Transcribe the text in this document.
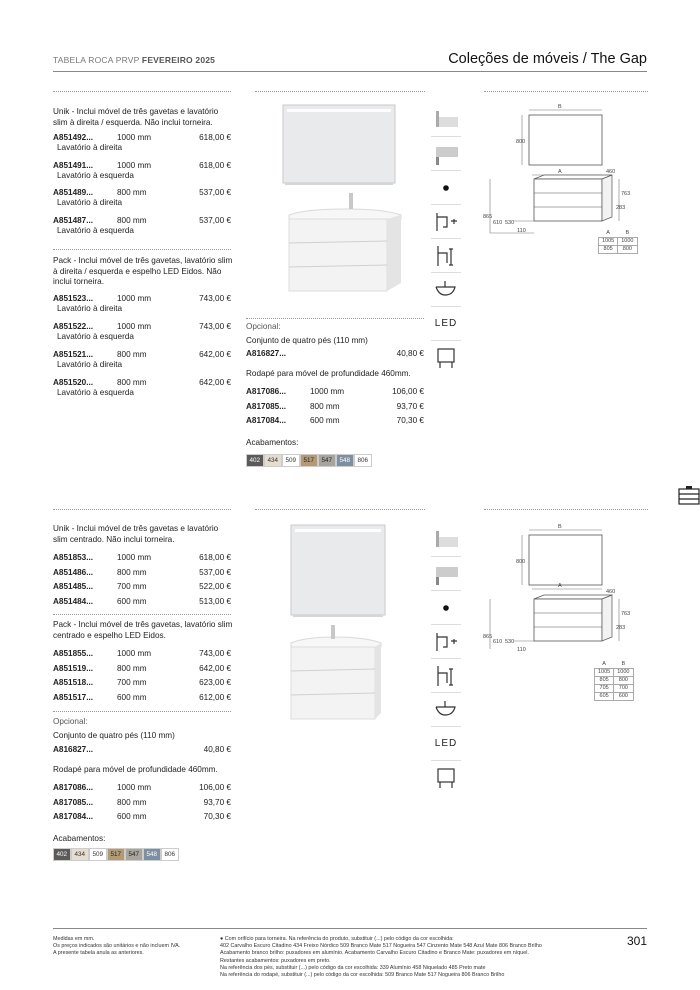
TABELA ROCA PRVP FEVEREIRO 2025	Coleções de móveis / The Gap
Unik - Inclui móvel de três gavetas e lavatório slim à direita / esquerda. Não inclui torneira.
A851492...	1000 mm	618,00 €
Lavatório à direita
A851491...	1000 mm	618,00 €
Lavatório à esquerda
A851489...	800 mm	537,00 €
Lavatório à direita
A851487...	800 mm	537,00 €
Lavatório à esquerda
Pack - Inclui móvel de três gavetas, lavatório slim à direita / esquerda e espelho LED Eidos. Não inclui torneira.
A851523...	1000 mm	743,00 €
Lavatório à direita
A851522...	1000 mm	743,00 €
Lavatório à esquerda
A851521...	800 mm	642,00 €
Lavatório à direita
A851520...	800 mm	642,00 €
Lavatório à esquerda
LED
Opcional:
Conjunto de quatro pés (110 mm)
A816827...	40,80 €
Rodapé para móvel de profundidade 460mm.
A817086...	1000 mm	106,00 €
A817085...	800 mm	93,70 €
A817084...	600 mm	70,30 €
Acabamentos:
402	434	509	517	547	548	806
B
800
A	460
763
283
865
610 530
110	A	B
1005	1000
805	800
Unik - Inclui móvel de três gavetas e lavatório slim centrado. Não inclui torneira.
A851853...	1000 mm	618,00 €
A851486...	800 mm	537,00 €
A851485...	700 mm	522,00 €
A851484...	600 mm	513,00 €
Pack - Inclui móvel de três gavetas, lavatório slim centrado e espelho LED Eidos.
A851855...	1000 mm	743,00 €
A851519...	800 mm	642,00 €
A851518...	700 mm	623,00 €
A851517...	600 mm	612,00 €
Opcional:
Conjunto de quatro pés (110 mm)
A816827...	40,80 €
Rodapé para móvel de profundidade 460mm.
A817086...	1000 mm	106,00 €
A817085...	800 mm	93,70 €
A817084...	600 mm	70,30 €
Acabamentos:
402	434	509	517	547	548	806
LED
B
800
A
460
763
283
865
610 530
110
A	B
1005	1000
805	800
705	700
605	600
Medidas em mm.
Os preços indicados são unitários e não incluem IVA.
A presente tabela anula as anteriores.
● Com orifício para torneira. Na referência do produto, substituir (...) pelo código da cor escolhida:
402 Carvalho Escuro Citadino 434 Freixo Nórdico 509 Branco Mate 517 Nogueira 547 Cinzento Mate 548 Azul Mate 806 Branco Brilho
Acabamento branco brilho: puxadores em alumínio. Acabamento Carvalho Escuro Citadino e Branco Mate: puxadores em níquel.
Restantes acabamentos: puxadores em preto.
Na referência dos pés, substituir (...) pelo código da cor escolhida: 339 Alumínio 458 Niquelado 485 Preto mate
Na referência do rodapé, substituir (...) pelo código da cor escolhida: 509 Branco Mate 517 Nogueira 806 Branco Brilho
301
